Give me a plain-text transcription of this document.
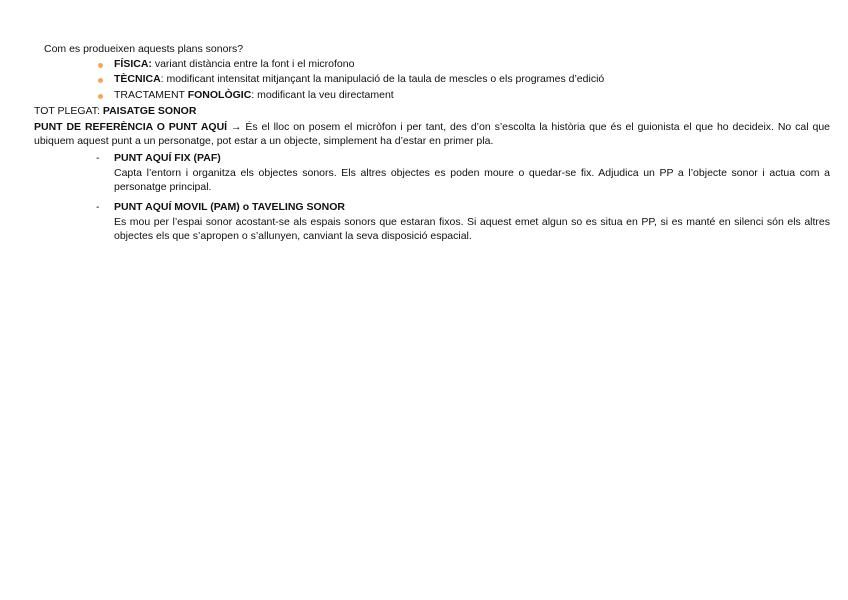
Com es produeixen aquests plans sonors?
FÍSICA: variant distància entre la font i el microfono
TÈCNICA: modificant intensitat mitjançant la manipulació de la taula de mescles o els programes d’edició
TRACTAMENT FONOLÒGIC: modificant la veu directament
TOT PLEGAT: PAISATGE SONOR
PUNT DE REFERÈNCIA O PUNT AQUÍ → És el lloc on posem el micròfon i per tant, des d’on s’escolta la història que és el guionista el que ho decideix. No cal que ubiquem aquest punt a un personatge, pot estar a un objecte, simplement ha d’estar en primer pla.
- PUNT AQUÍ FIX (PAF)
Capta l’entorn i organitza els objectes sonors. Els altres objectes es poden moure o quedar-se fix. Adjudica un PP a l’objecte sonor i actua com a personatge principal.
- PUNT AQUÍ MOVIL (PAM) o TAVELING SONOR
Es mou per l’espai sonor acostant-se als espais sonors que estaran fixos. Si aquest emet algun so es situa en PP, si es manté en silenci són els altres objectes els que s’apropen o s’allunyen, canviant la seva disposició espacial.
